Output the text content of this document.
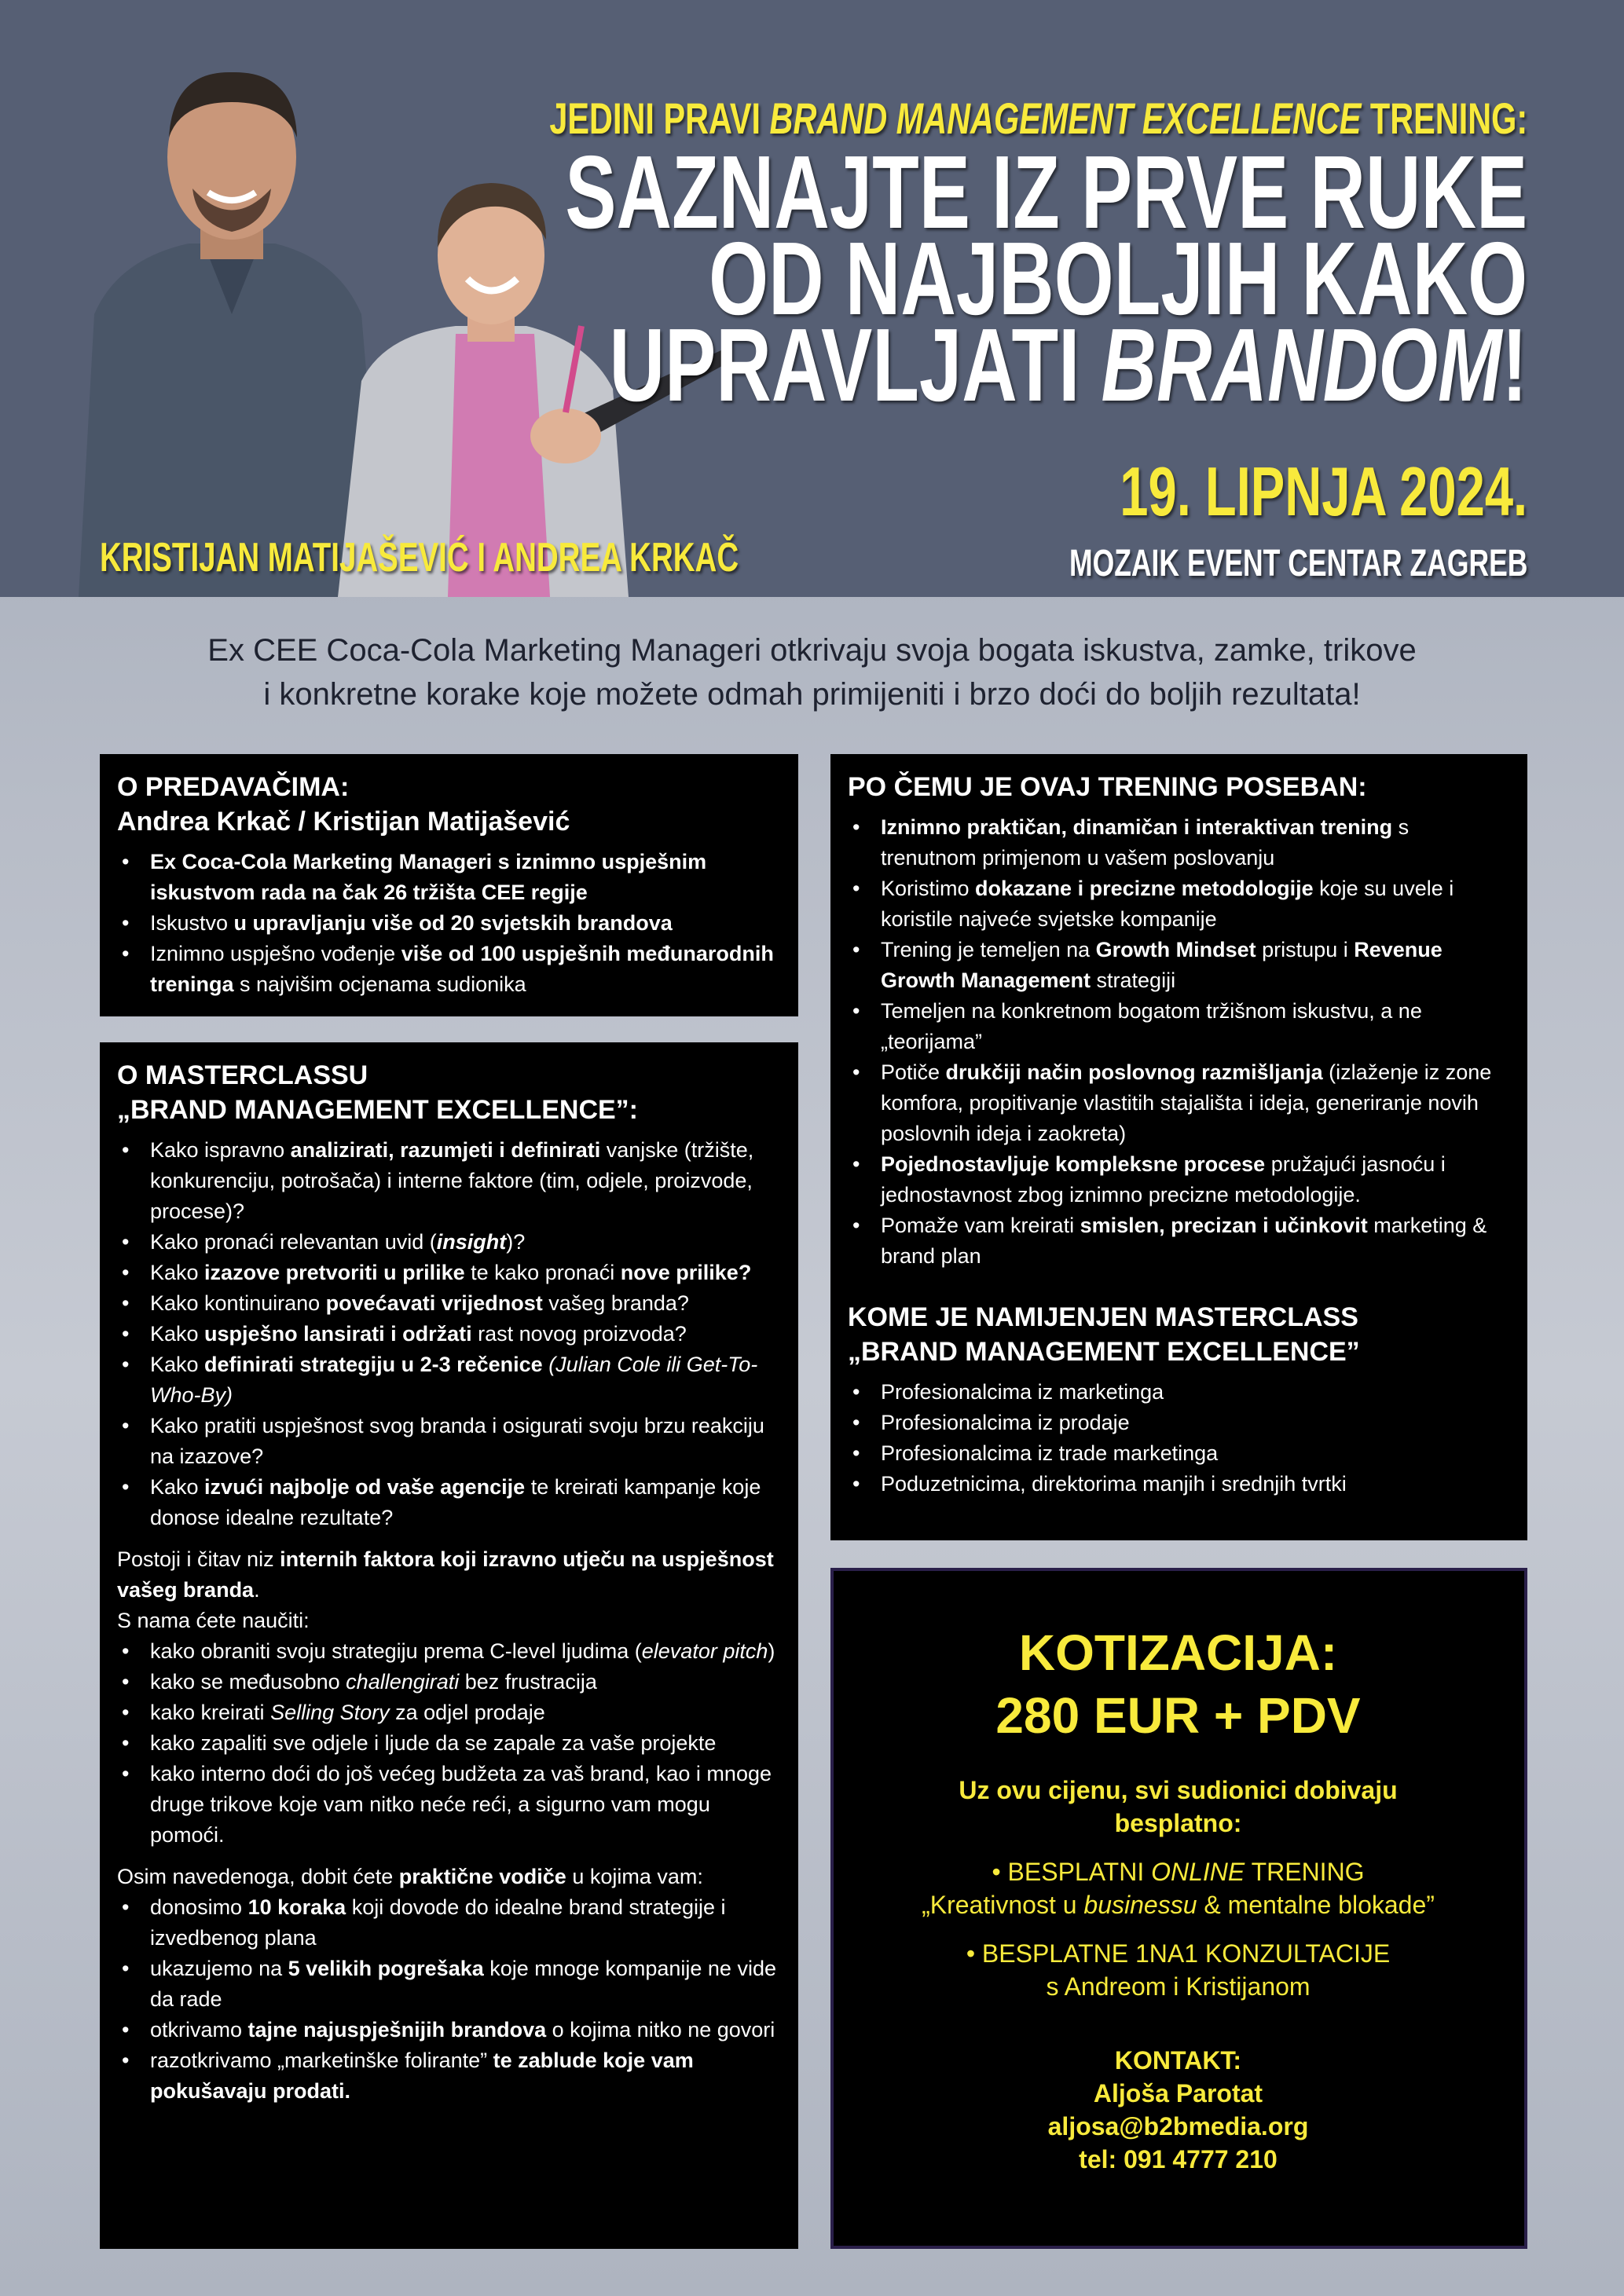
JEDINI PRAVI BRAND MANAGEMENT EXCELLENCE TRENING:
SAZNAJTE IZ PRVE RUKE
OD NAJBOLJIH KAKO
UPRAVLJATI BRANDOM!
19. LIPNJA 2024.
MOZAIK EVENT CENTAR ZAGREB
KRISTIJAN MATIJAŠEVIĆ I ANDREA KRKAČ
Ex CEE Coca-Cola Marketing Manageri otkrivaju svoja bogata iskustva, zamke, trikove
i konkretne korake koje možete odmah primijeniti i brzo doći do boljih rezultata!
O PREDAVAČIMA:
Andrea Krkač / Kristijan Matijašević
• Ex Coca-Cola Marketing Manageri s iznimno uspješnim iskustvom rada na čak 26 tržišta CEE regije
• Iskustvo u upravljanju više od 20 svjetskih brandova
• Iznimno uspješno vođenje više od 100 uspješnih međunarodnih treninga s najvišim ocjenama sudionika
O MASTERCLASSU
„BRAND MANAGEMENT EXCELLENCE”:
• Kako ispravno analizirati, razumjeti i definirati vanjske (tržište, konkurenciju, potrošača) i interne faktore (tim, odjele, proizvode, procese)?
• Kako pronaći relevantan uvid (insight)?
• Kako izazove pretvoriti u prilike te kako pronaći nove prilike?
• Kako kontinuirano povećavati vrijednost vašeg branda?
• Kako uspješno lansirati i održati rast novog proizvoda?
• Kako definirati strategiju u 2-3 rečenice (Julian Cole ili Get-To-Who-By)
• Kako pratiti uspješnost svog branda i osigurati svoju brzu reakciju na izazove?
• Kako izvući najbolje od vaše agencije te kreirati kampanje koje donose idealne rezultate?

Postoji i čitav niz internih faktora koji izravno utječu na uspješnost vašeg branda.

S nama ćete naučiti:

• kako obraniti svoju strategiju prema C-level ljudima (elevator pitch)
• kako se međusobno challengirati bez frustracija
• kako kreirati Selling Story za odjel prodaje
• kako zapaliti sve odjele i ljude da se zapale za vaše projekte
• kako interno doći do još većeg budžeta za vaš brand, kao i mnoge druge trikove koje vam nitko neće reći, a sigurno vam mogu pomoći.

Osim navedenoga, dobit ćete praktične vodiče u kojima vam:

• donosimo 10 koraka koji dovode do idealne brand strategije i izvedbenog plana
• ukazujemo na 5 velikih pogrešaka koje mnoge kompanije ne vide da rade
• otkrivamo tajne najuspješnijih brandova o kojima nitko ne govori
• razotkrivamo „marketinške folirante” te zablude koje vam pokušavaju prodati.
PO ČEMU JE OVAJ TRENING POSEBAN:
• Iznimno praktičan, dinamičan i interaktivan trening s trenutnom primjenom u vašem poslovanju
• Koristimo dokazane i precizne metodologije koje su uvele i koristile najveće svjetske kompanije
• Trening je temeljen na Growth Mindset pristupu i Revenue Growth Management strategiji
• Temeljen na konkretnom bogatom tržišnom iskustvu, a ne „teorijama”
• Potiče drukčiji način poslovnog razmišljanja (izlaženje iz zone komfora, propitivanje vlastitih stajališta i ideja, generiranje novih poslovnih ideja i zaokreta)
• Pojednostavljuje kompleksne procese pružajući jasnoću i jednostavnost zbog iznimno precizne metodologije.
• Pomaže vam kreirati smislen, precizan i učinkovit marketing & brand plan
KOME JE NAMIJENJEN MASTERCLASS
„BRAND MANAGEMENT EXCELLENCE”
• Profesionalcima iz marketinga
• Profesionalcima iz prodaje
• Profesionalcima iz trade marketinga
• Poduzetnicima, direktorima manjih i srednjih tvrtki
KOTIZACIJA:
280 EUR + PDV
Uz ovu cijenu, svi sudionici dobivaju besplatno:
• BESPLATNI ONLINE TRENING
„Kreativnost u businessu & mentalne blokade”
• BESPLATNE 1NA1 KONZULTACIJE
s Andreom i Kristijanom
KONTAKT:
Aljoša Parotat
aljosa@b2bmedia.org
tel: 091 4777 210
